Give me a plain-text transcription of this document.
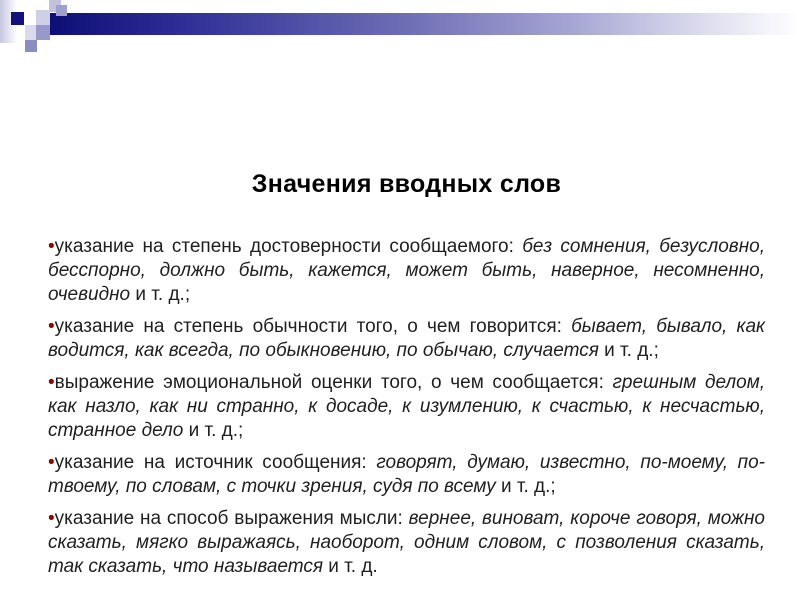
Значения вводных слов

•указание на степень достоверности сообщаемого: без сомнения, безусловно, бесспорно, должно быть, кажется, может быть, наверное, несомненно, очевидно и т. д.;

•указание на степень обычности того, о чем говорится: бывает, бывало, как водится, как всегда, по обыкновению, по обычаю, случается и т. д.;

•выражение эмоциональной оценки того, о чем сообщается: грешным делом, как назло, как ни странно, к досаде, к изумлению, к счастью, к несчастью, странное дело и т. д.;

•указание на источник сообщения: говорят, думаю, известно, по-моему, по-твоему, по словам, с точки зрения, судя по всему и т. д.;

•указание на способ выражения мысли: вернее, виноват, короче говоря, можно сказать, мягко выражаясь, наоборот, одним словом, с позволения сказать, так сказать, что называется и т. д.
